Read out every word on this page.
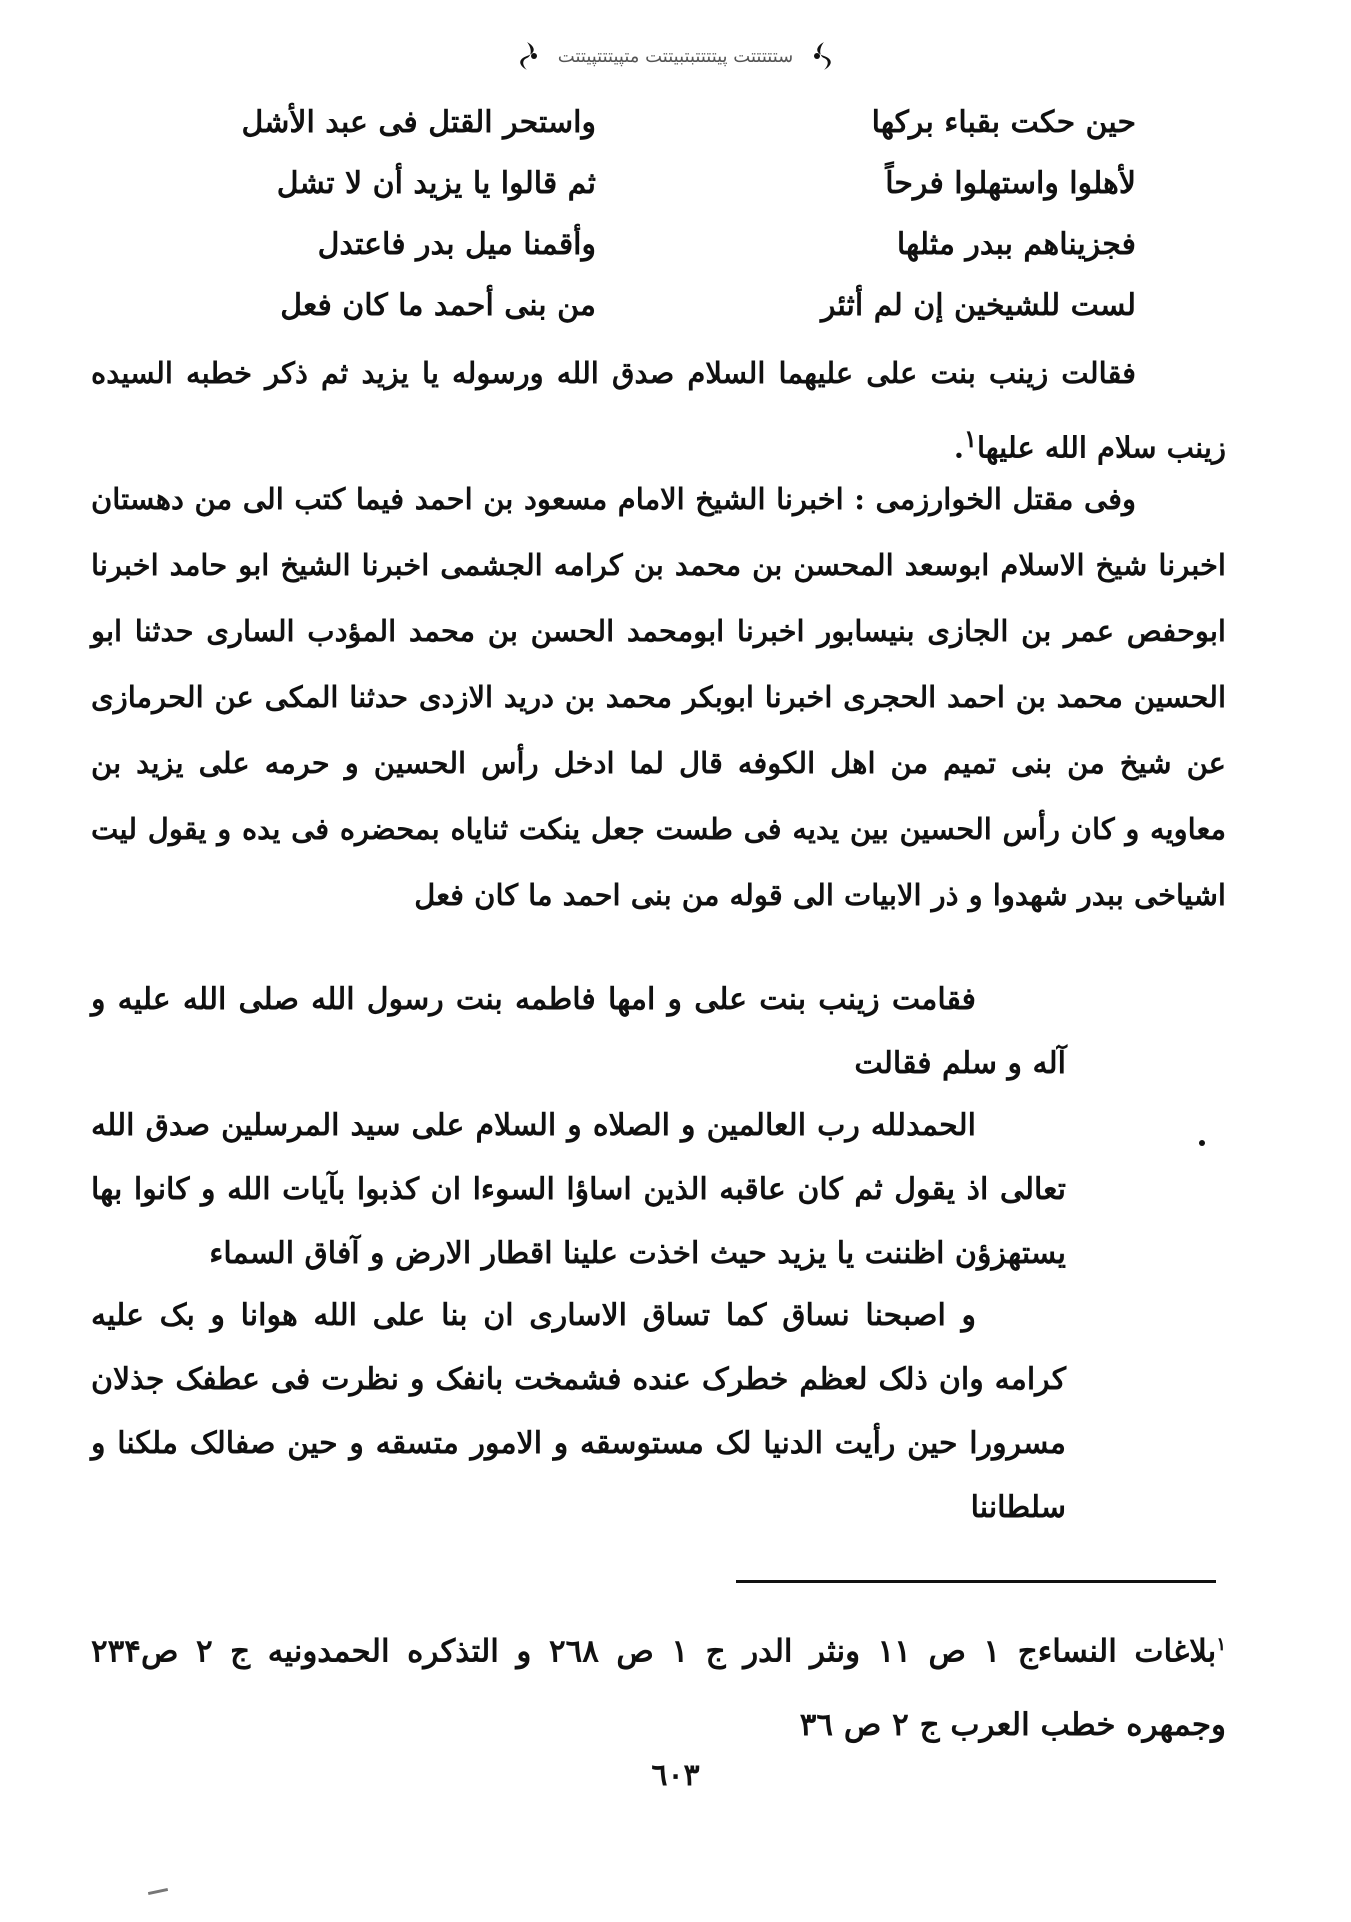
ستتتتتت پیتتتتبتبیتتت متپیتتتپیتتت
حين حكت بقباء بركها
واستحر القتل فى عبد الأشل
لأهلوا واستهلوا فرحاً
ثم قالوا يا يزيد أن لا تشل
فجزيناهم ببدر مثلها
وأقمنا ميل بدر فاعتدل
لست للشيخين إن لم أثئر
من بنى أحمد ما كان فعل
فقالت زينب بنت على عليهما السلام صدق الله ورسوله يا يزيد ثم ذكر خطبه السيده زينب سلام الله عليها$^١$.
وفى مقتل الخوارزمى : اخبرنا الشيخ الامام مسعود بن احمد فيما كتب الى من دهستان اخبرنا شيخ الاسلام ابوسعد المحسن بن محمد بن كرامه الجشمى اخبرنا الشيخ ابو حامد اخبرنا ابوحفص عمر بن الجازى بنيسابور اخبرنا ابومحمد الحسن بن محمد المؤدب السارى حدثنا ابو الحسين محمد بن احمد الحجرى اخبرنا ابوبكر محمد بن دريد الازدى حدثنا المكى عن الحرمازى عن شيخ من بنى تميم من اهل الكوفه قال لما ادخل رأس الحسين و حرمه على يزيد بن معاويه و كان رأس الحسين بين يديه فى طست جعل ينكت ثناياه بمحضره فى يده و يقول ليت اشياخى ببدر شهدوا و ذر الابيات الى قوله من بنى احمد ما كان فعل
فقامت زينب بنت على و امها فاطمه بنت رسول الله صلى الله عليه و آله و سلم فقالت
الحمدلله رب العالمين و الصلاه و السلام على سيد المرسلين صدق الله تعالى اذ يقول ثم كان عاقبه الذين اساؤا السوءا ان كذبوا بآيات الله و كانوا بها يستهزؤن اظننت يا يزيد حيث اخذت علينا اقطار الارض و آفاق السماء
و اصبحنا نساق كما تساق الاسارى ان بنا على الله هوانا و بک عليه كرامه وان ذلک لعظم خطرک عنده فشمخت بانفک و نظرت فى عطفک جذلان مسرورا حين رأيت الدنيا لک مستوسقه و الامور متسقه و حين صفالک ملكنا و سلطاننا
$^١$بلاغات النساءج ١ ص ١١ ونثر الدر ج ١ ص ٢٦٨ و التذكره الحمدونيه ج ٢ ص٢٣۴ وجمهره خطب العرب ج ٢ ص ٣٦
٦٠٣
